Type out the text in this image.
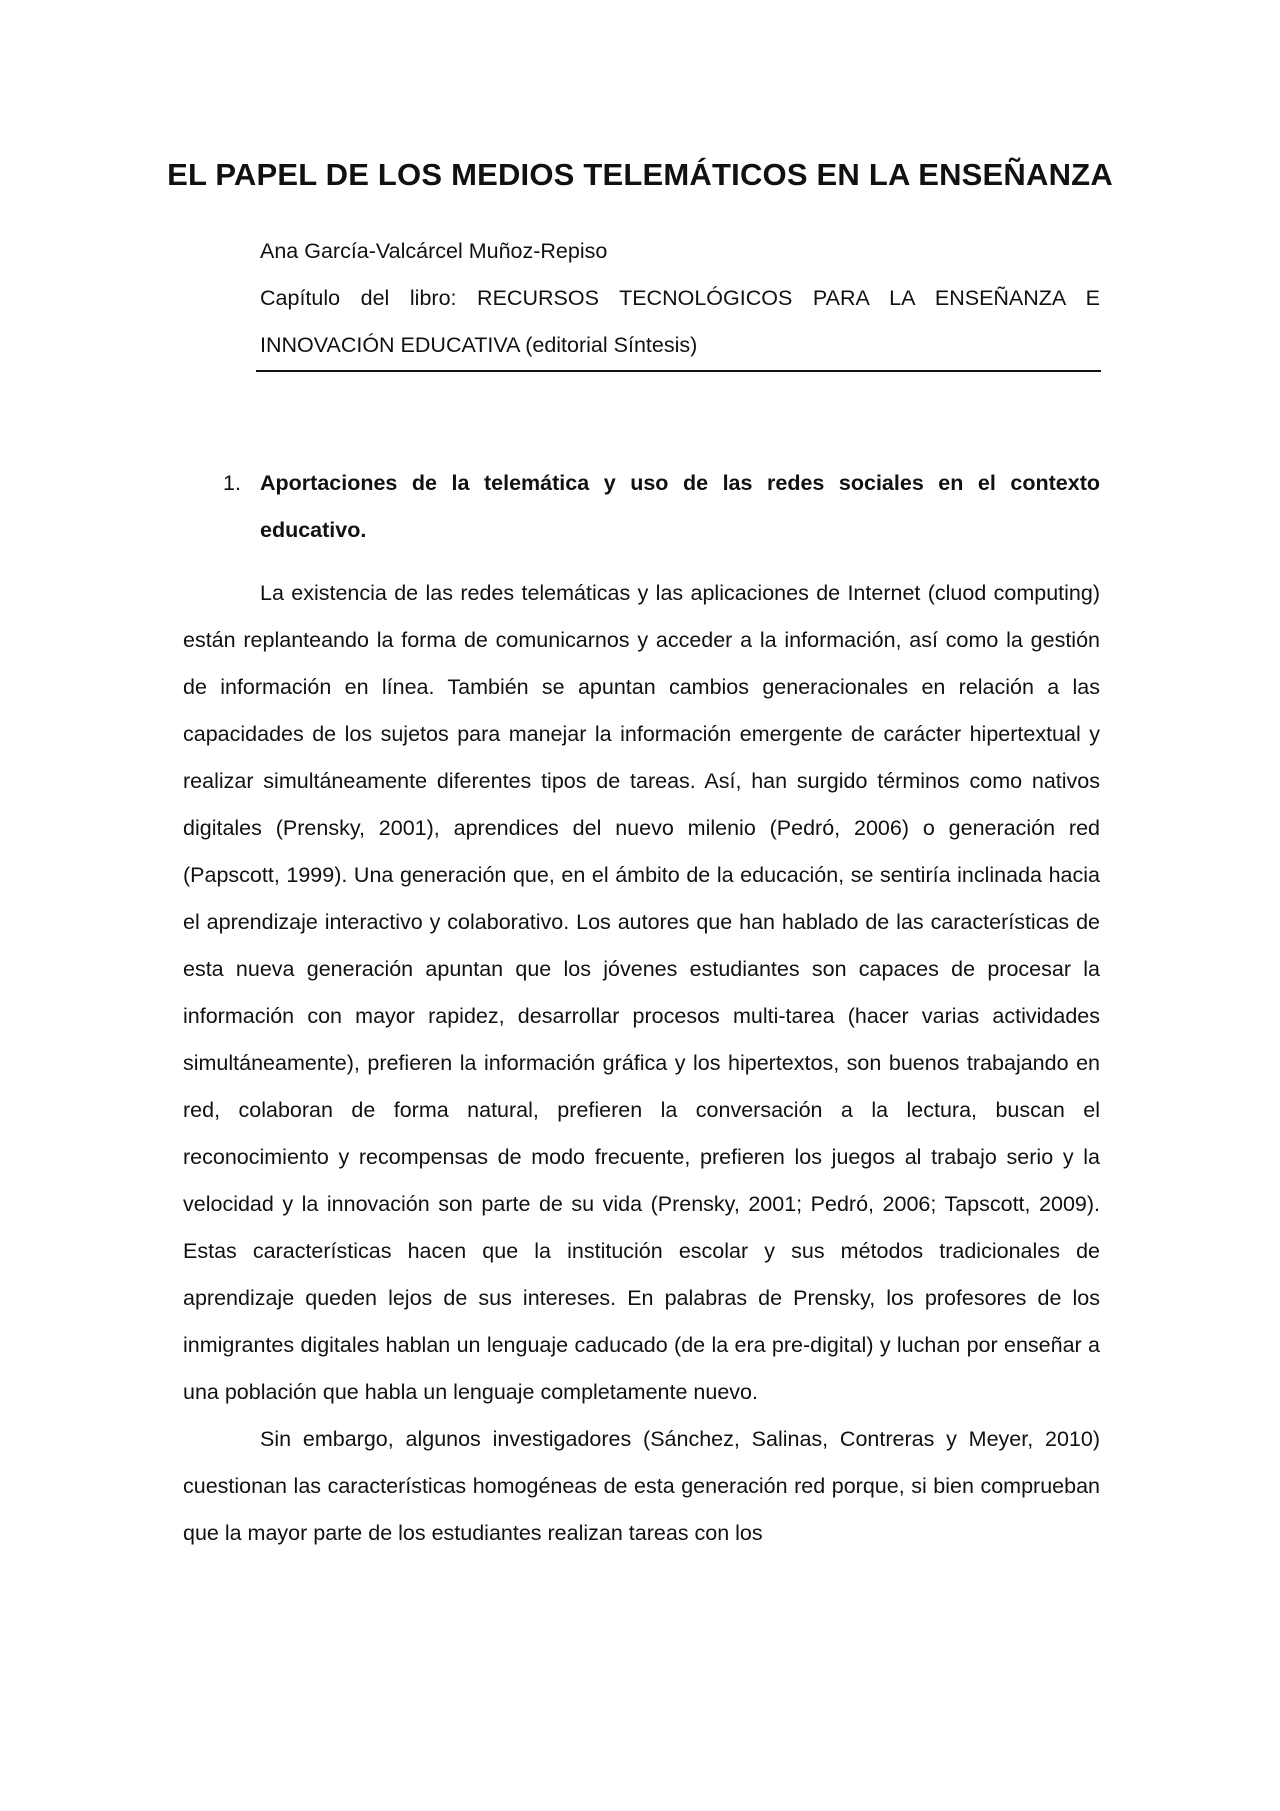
EL PAPEL DE LOS MEDIOS TELEMÁTICOS EN LA ENSEÑANZA
Ana García-Valcárcel Muñoz-Repiso
Capítulo del libro: RECURSOS TECNOLÓGICOS PARA LA ENSEÑANZA E
INNOVACIÓN EDUCATIVA (editorial Síntesis)
1. Aportaciones de la telemática y uso de las redes sociales en el contexto educativo.

La existencia de las redes telemáticas y las aplicaciones de Internet (cluod computing) están replanteando la forma de comunicarnos y acceder a la información, así como la gestión de información en línea. También se apuntan cambios generacionales en relación a las capacidades de los sujetos para manejar la información emergente de carácter hipertextual y realizar simultáneamente diferentes tipos de tareas. Así, han surgido términos como nativos digitales (Prensky, 2001), aprendices del nuevo milenio (Pedró, 2006) o generación red (Papscott, 1999). Una generación que, en el ámbito de la educación, se sentiría inclinada hacia el aprendizaje interactivo y colaborativo. Los autores que han hablado de las características de esta nueva generación apuntan que los jóvenes estudiantes son capaces de procesar la información con mayor rapidez, desarrollar procesos multi-tarea (hacer varias actividades simultáneamente), prefieren la información gráfica y los hipertextos, son buenos trabajando en red, colaboran de forma natural, prefieren la conversación a la lectura, buscan el reconocimiento y recompensas de modo frecuente, prefieren los juegos al trabajo serio y la velocidad y la innovación son parte de su vida (Prensky, 2001; Pedró, 2006; Tapscott, 2009). Estas características hacen que la institución escolar y sus métodos tradicionales de aprendizaje queden lejos de sus intereses. En palabras de Prensky, los profesores de los inmigrantes digitales hablan un lenguaje caducado (de la era pre-digital) y luchan por enseñar a una población que habla un lenguaje completamente nuevo.

Sin embargo, algunos investigadores (Sánchez, Salinas, Contreras y Meyer, 2010) cuestionan las características homogéneas de esta generación red porque, si bien comprueban que la mayor parte de los estudiantes realizan tareas con los
